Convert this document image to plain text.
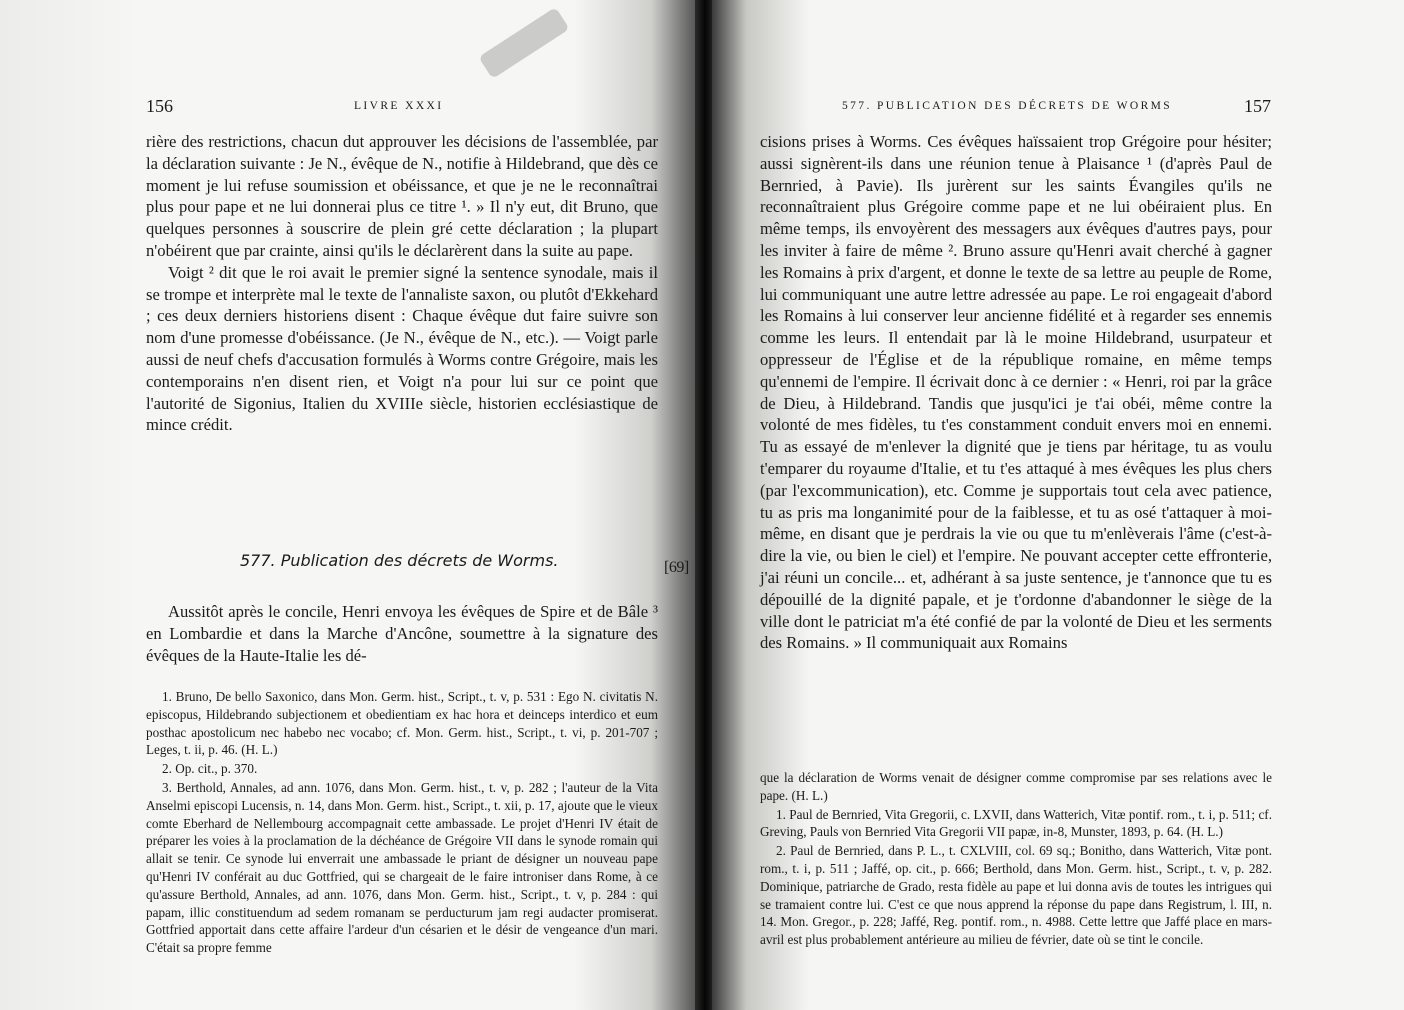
156	LIVRE XXXI

rière des restrictions, chacun dut approuver les décisions de l'assemblée, par la déclaration suivante : Je N., évêque de N., notifie à Hildebrand, que dès ce moment je lui refuse soumission et obéissance, et que je ne le reconnaîtrai plus pour pape et ne lui donnerai plus ce titre ¹. » Il n'y eut, dit Bruno, que quelques personnes à souscrire de plein gré cette déclaration ; la plupart n'obéirent que par crainte, ainsi qu'ils le déclarèrent dans la suite au pape.

Voigt ² dit que le roi avait le premier signé la sentence synodale, mais il se trompe et interprète mal le texte de l'annaliste saxon, ou plutôt d'Ekkehard ; ces deux derniers historiens disent : Chaque évêque dut faire suivre son nom d'une promesse d'obéissance. (Je N., évêque de N., etc.). — Voigt parle aussi de neuf chefs d'accusation formulés à Worms contre Grégoire, mais les contemporains n'en disent rien, et Voigt n'a pour lui sur ce point que l'autorité de Sigonius, Italien du XVIIIe siècle, historien ecclésiastique de mince crédit.

577. Publication des décrets de Worms.	[69]

Aussitôt après le concile, Henri envoya les évêques de Spire et de Bâle ³ en Lombardie et dans la Marche d'Ancône, soumettre à la signature des évêques de la Haute-Italie les dé-

1. Bruno, De bello Saxonico, dans Mon. Germ. hist., Script., t. v, p. 531 : Ego N. civitatis N. episcopus, Hildebrando subjectionem et obedientiam ex hac hora et deinceps interdico et eum posthac apostolicum nec habebo nec vocabo; cf. Mon. Germ. hist., Script., t. vi, p. 201-707 ; Leges, t. ii, p. 46. (H. L.)

2. Op. cit., p. 370.

3. Berthold, Annales, ad ann. 1076, dans Mon. Germ. hist., t. v, p. 282 ; l'auteur de la Vita Anselmi episcopi Lucensis, n. 14, dans Mon. Germ. hist., Script., t. xii, p. 17, ajoute que le vieux comte Eberhard de Nellembourg accompagnait cette ambassade. Le projet d'Henri IV était de préparer les voies à la proclamation de la déchéance de Grégoire VII dans le synode romain qui allait se tenir. Ce synode lui enverrait une ambassade le priant de désigner un nouveau pape qu'Henri IV conférait au duc Gottfried, qui se chargeait de le faire introniser dans Rome, à ce qu'assure Berthold, Annales, ad ann. 1076, dans Mon. Germ. hist., Script., t. v, p. 284 : qui papam, illic constituendum ad sedem romanam se perducturum jam regi audacter promiserat. Gottfried apportait dans cette affaire l'ardeur d'un césarien et le désir de vengeance d'un mari. C'était sa propre femme

577. PUBLICATION DES DÉCRETS DE WORMS	157

cisions prises à Worms. Ces évêques haïssaient trop Grégoire pour hésiter; aussi signèrent-ils dans une réunion tenue à Plaisance ¹ (d'après Paul de Bernried, à Pavie). Ils jurèrent sur les saints Évangiles qu'ils ne reconnaîtraient plus Grégoire comme pape et ne lui obéiraient plus. En même temps, ils envoyèrent des messagers aux évêques d'autres pays, pour les inviter à faire de même ². Bruno assure qu'Henri avait cherché à gagner les Romains à prix d'argent, et donne le texte de sa lettre au peuple de Rome, lui communiquant une autre lettre adressée au pape. Le roi engageait d'abord les Romains à lui conserver leur ancienne fidélité et à regarder ses ennemis comme les leurs. Il entendait par là le moine Hildebrand, usurpateur et oppresseur de l'Église et de la république romaine, en même temps qu'ennemi de l'empire. Il écrivait donc à ce dernier : « Henri, roi par la grâce de Dieu, à Hildebrand. Tandis que jusqu'ici je t'ai obéi, même contre la volonté de mes fidèles, tu t'es constamment conduit envers moi en ennemi. Tu as essayé de m'enlever la dignité que je tiens par héritage, tu as voulu t'emparer du royaume d'Italie, et tu t'es attaqué à mes évêques les plus chers (par l'excommunication), etc. Comme je supportais tout cela avec patience, tu as pris ma longanimité pour de la faiblesse, et tu as osé t'attaquer à moi-même, en disant que je perdrais la vie ou que tu m'enlèverais l'âme (c'est-à-dire la vie, ou bien le ciel) et l'empire. Ne pouvant accepter cette effronterie, j'ai réuni un concile... et, adhérant à sa juste sentence, je t'annonce que tu es dépouillé de la dignité papale, et je t'ordonne d'abandonner le siège de la ville dont le patriciat m'a été confié de par la volonté de Dieu et les serments des Romains. » Il communiquait aux Romains

que la déclaration de Worms venait de désigner comme compromise par ses relations avec le pape. (H. L.)

1. Paul de Bernried, Vita Gregorii, c. LXVII, dans Watterich, Vitæ pontif. rom., t. i, p. 511; cf. Greving, Pauls von Bernried Vita Gregorii VII papæ, in-8, Munster, 1893, p. 64. (H. L.)

2. Paul de Bernried, dans P. L., t. CXLVIII, col. 69 sq.; Bonitho, dans Watterich, Vitæ pont. rom., t. i, p. 511 ; Jaffé, op. cit., p. 666; Berthold, dans Mon. Germ. hist., Script., t. v, p. 282. Dominique, patriarche de Grado, resta fidèle au pape et lui donna avis de toutes les intrigues qui se tramaient contre lui. C'est ce que nous apprend la réponse du pape dans Registrum, l. III, n. 14. Mon. Gregor., p. 228; Jaffé, Reg. pontif. rom., n. 4988. Cette lettre que Jaffé place en mars-avril est plus probablement antérieure au milieu de février, date où se tint le concile.
